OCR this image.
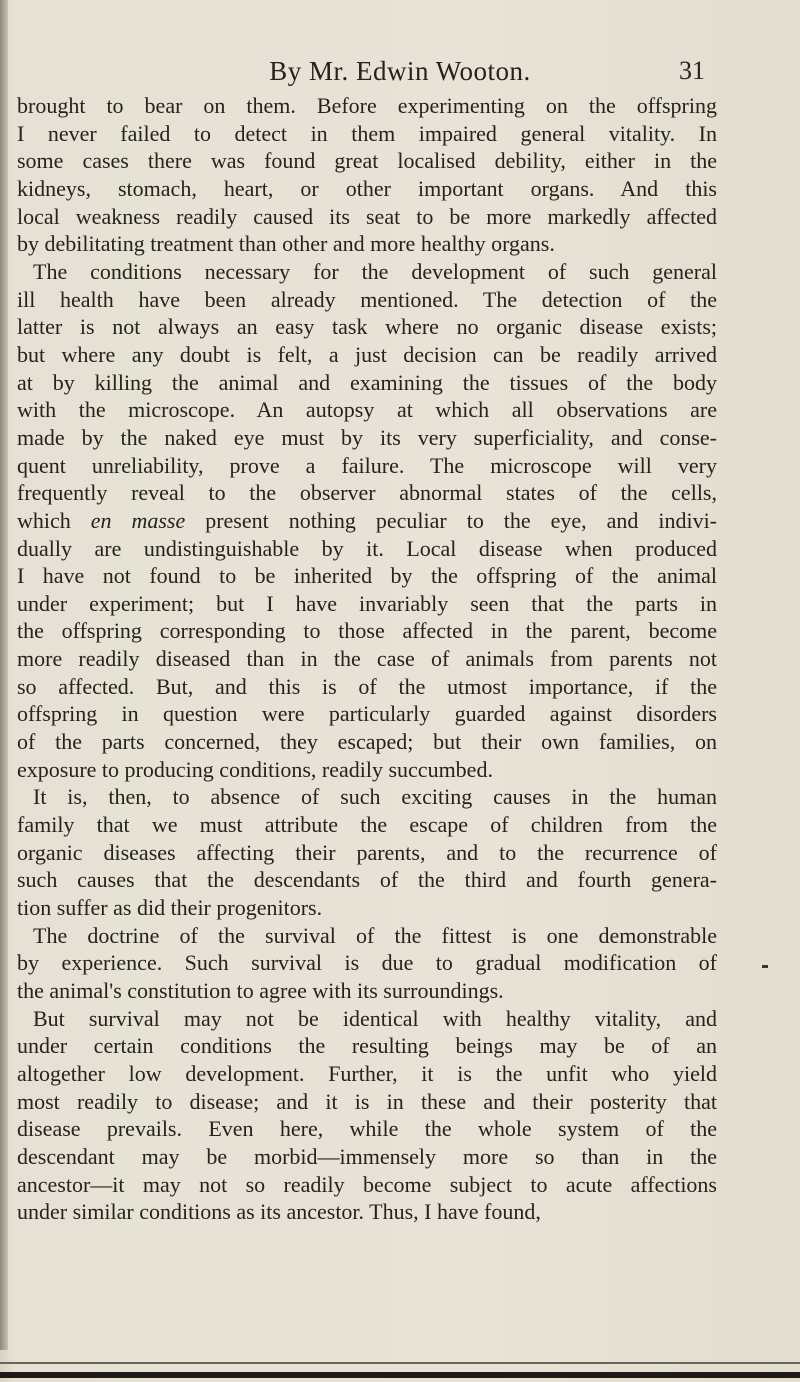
By Mr. Edwin Wooton.	31
brought to bear on them. Before experimenting on the offspring
I never failed to detect in them impaired general vitality. In
some cases there was found great localised debility, either in the
kidneys, stomach, heart, or other important organs. And this
local weakness readily caused its seat to be more markedly affected
by debilitating treatment than other and more healthy organs.
The conditions necessary for the development of such general
ill health have been already mentioned. The detection of the
latter is not always an easy task where no organic disease exists;
but where any doubt is felt, a just decision can be readily arrived
at by killing the animal and examining the tissues of the body
with the microscope. An autopsy at which all observations are
made by the naked eye must by its very superficiality, and conse-
quent unreliability, prove a failure. The microscope will very
frequently reveal to the observer abnormal states of the cells,
which en masse present nothing peculiar to the eye, and indivi-
dually are undistinguishable by it. Local disease when produced
I have not found to be inherited by the offspring of the animal
under experiment; but I have invariably seen that the parts in
the offspring corresponding to those affected in the parent, become
more readily diseased than in the case of animals from parents not
so affected. But, and this is of the utmost importance, if the
offspring in question were particularly guarded against disorders
of the parts concerned, they escaped; but their own families, on
exposure to producing conditions, readily succumbed.
It is, then, to absence of such exciting causes in the human
family that we must attribute the escape of children from the
organic diseases affecting their parents, and to the recurrence of
such causes that the descendants of the third and fourth genera-
tion suffer as did their progenitors.
The doctrine of the survival of the fittest is one demonstrable
by experience. Such survival is due to gradual modification of
the animal's constitution to agree with its surroundings.
But survival may not be identical with healthy vitality, and
under certain conditions the resulting beings may be of an
altogether low development. Further, it is the unfit who yield
most readily to disease; and it is in these and their posterity that
disease prevails. Even here, while the whole system of the
descendant may be morbid—immensely more so than in the
ancestor—it may not so readily become subject to acute affections
under similar conditions as its ancestor. Thus, I have found,
